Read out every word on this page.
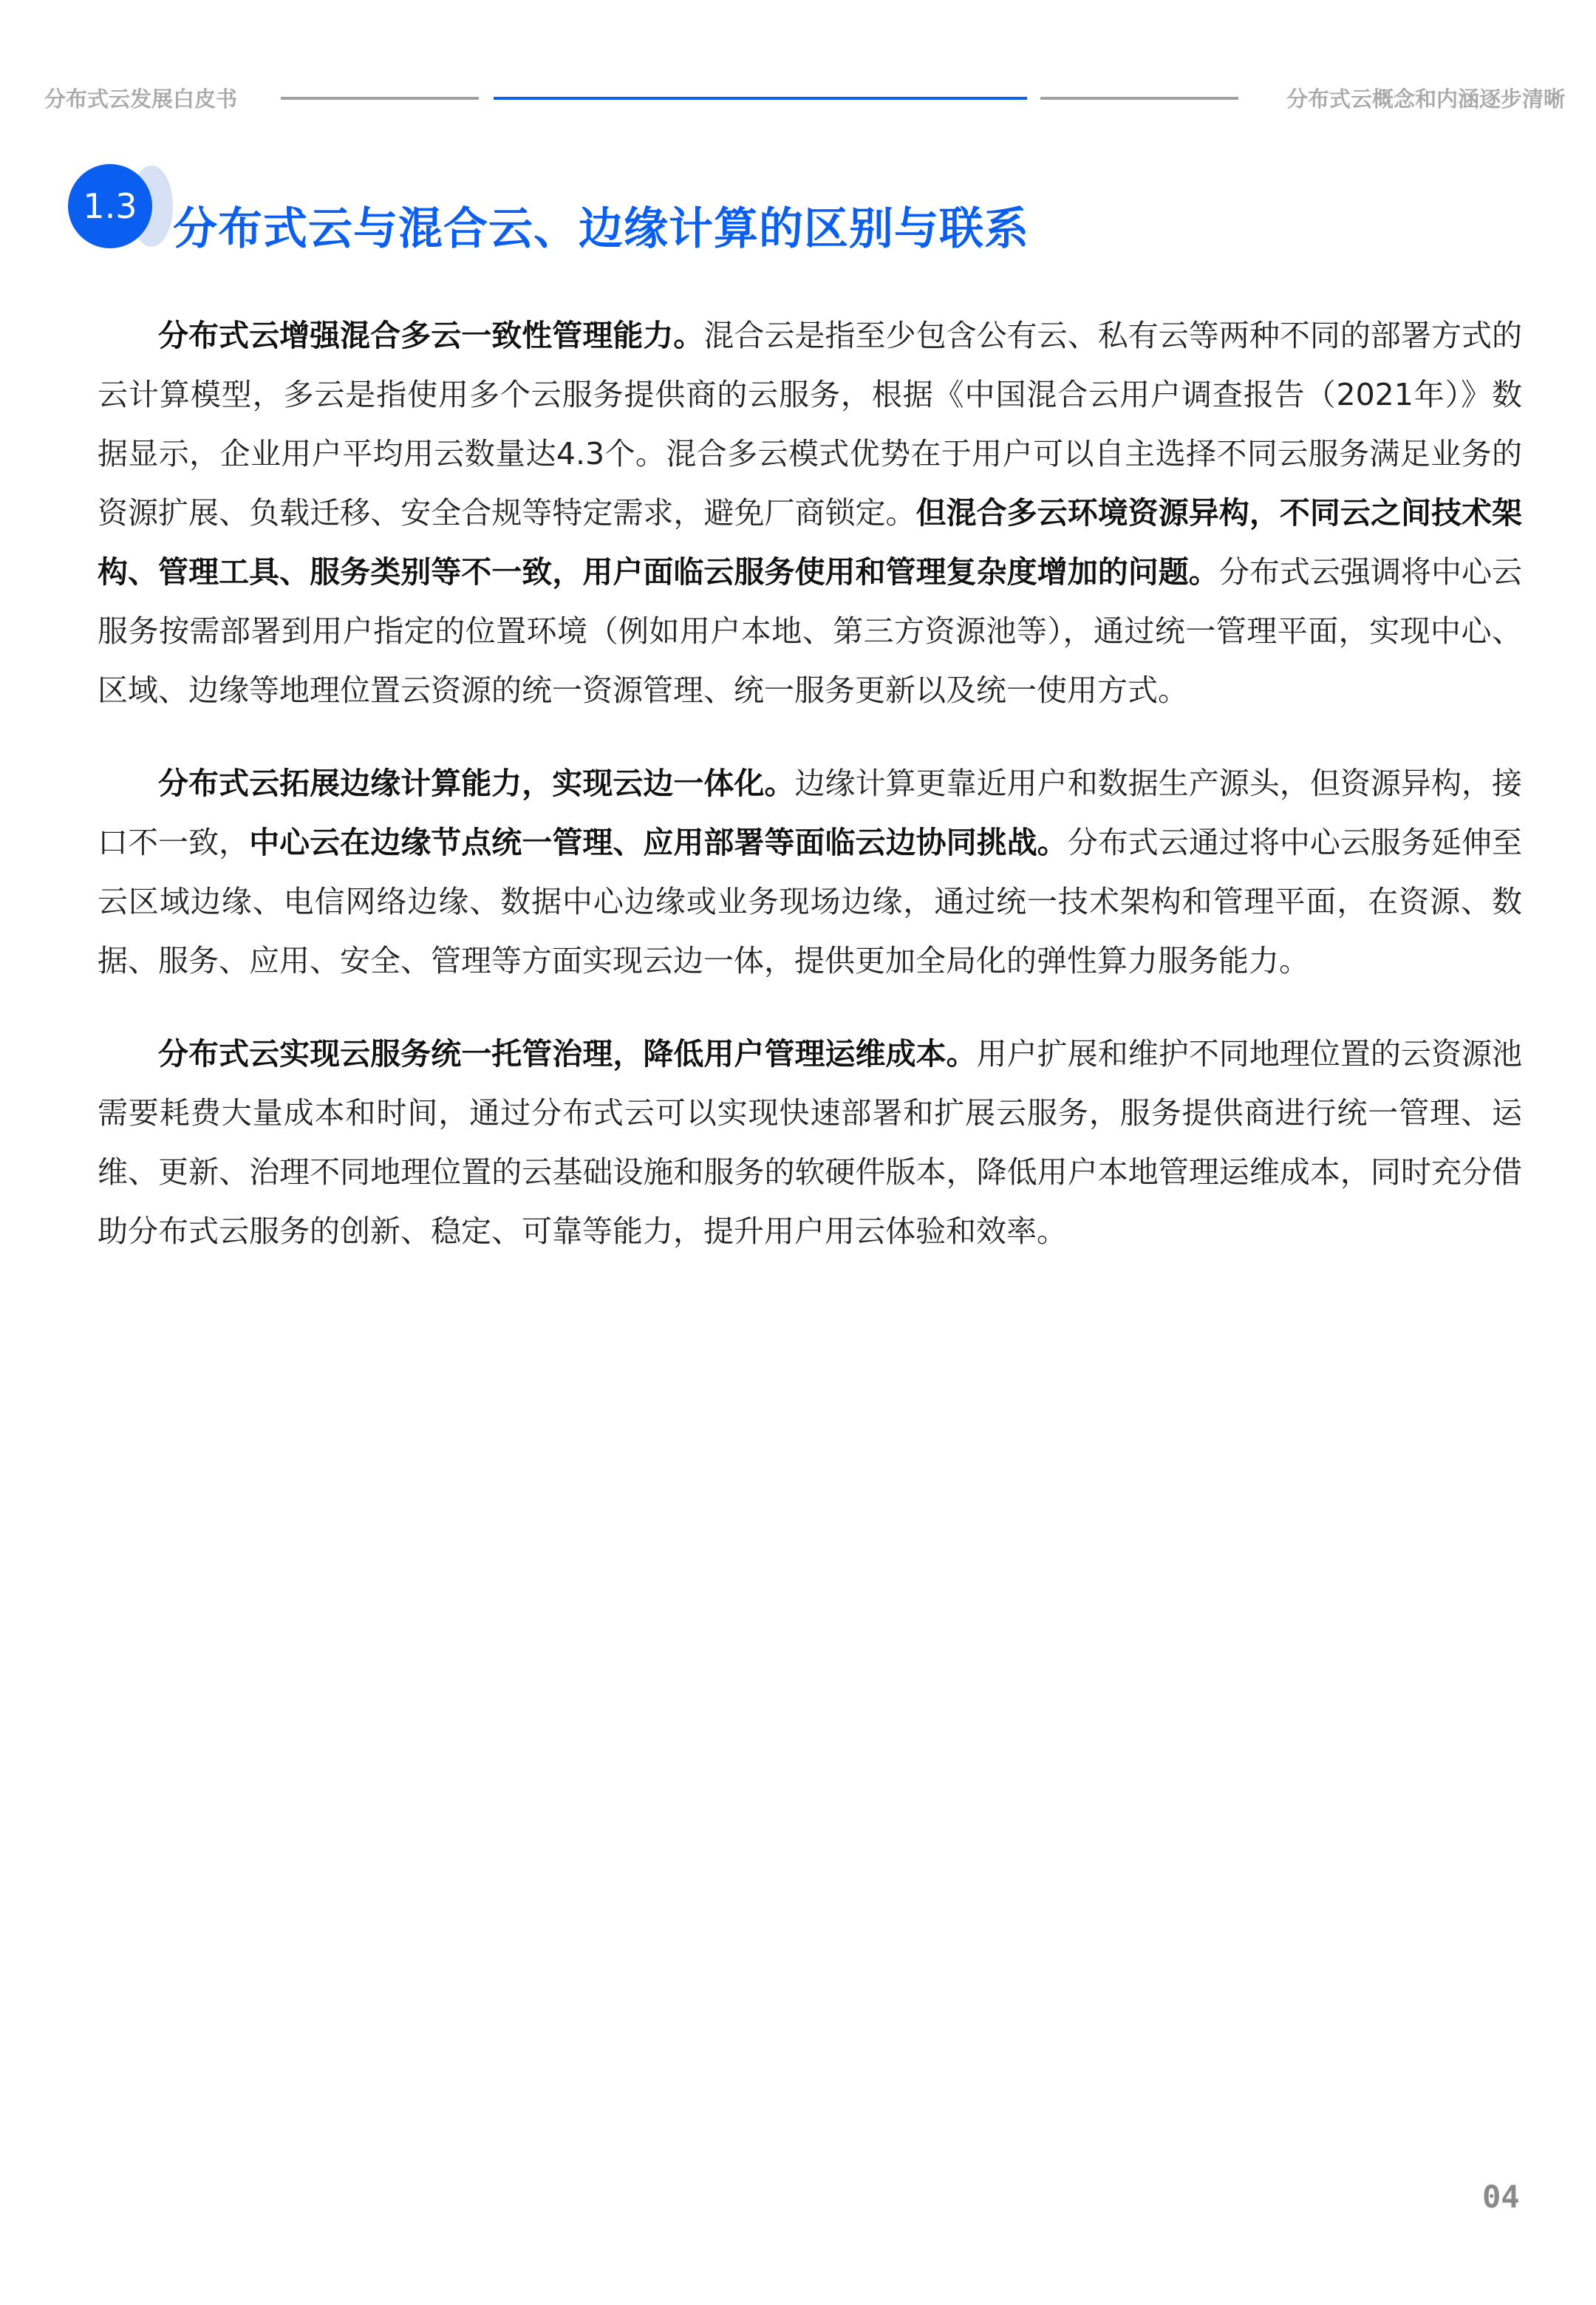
分布式云发展白皮书	分布式云概念和内涵逐步清晰
1.3 分布式云与混合云、边缘计算的区别与联系

分布式云增强混合多云一致性管理能力。混合云是指至少包含公有云、私有云等两种不同的部署方式的云计算模型，多云是指使用多个云服务提供商的云服务，根据《中国混合云用户调查报告（2021年）》数据显示，企业用户平均用云数量达4.3个。混合多云模式优势在于用户可以自主选择不同云服务满足业务的资源扩展、负载迁移、安全合规等特定需求，避免厂商锁定。但混合多云环境资源异构，不同云之间技术架构、管理工具、服务类别等不一致，用户面临云服务使用和管理复杂度增加的问题。分布式云强调将中心云服务按需部署到用户指定的位置环境（例如用户本地、第三方资源池等），通过统一管理平面，实现中心、区域、边缘等地理位置云资源的统一资源管理、统一服务更新以及统一使用方式。

分布式云拓展边缘计算能力，实现云边一体化。边缘计算更靠近用户和数据生产源头，但资源异构，接口不一致，中心云在边缘节点统一管理、应用部署等面临云边协同挑战。分布式云通过将中心云服务延伸至云区域边缘、电信网络边缘、数据中心边缘或业务现场边缘，通过统一技术架构和管理平面，在资源、数据、服务、应用、安全、管理等方面实现云边一体，提供更加全局化的弹性算力服务能力。

分布式云实现云服务统一托管治理，降低用户管理运维成本。用户扩展和维护不同地理位置的云资源池需要耗费大量成本和时间，通过分布式云可以实现快速部署和扩展云服务，服务提供商进行统一管理、运维、更新、治理不同地理位置的云基础设施和服务的软硬件版本，降低用户本地管理运维成本，同时充分借助分布式云服务的创新、稳定、可靠等能力，提升用户用云体验和效率。

04
